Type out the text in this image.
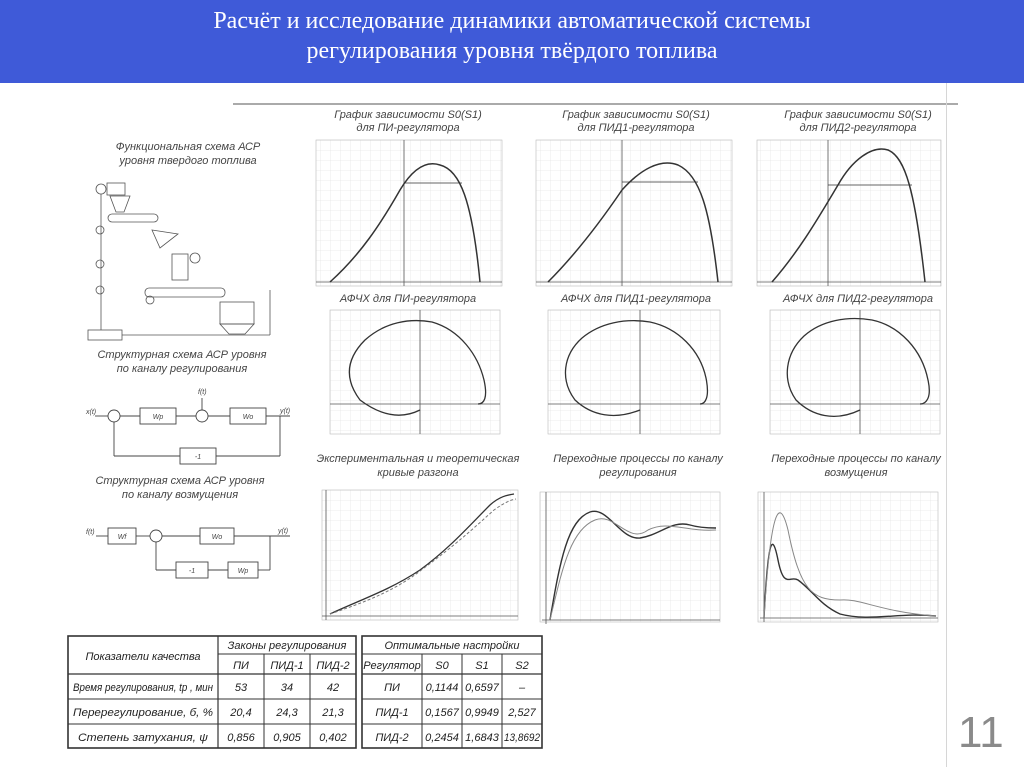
Расчёт и исследование динамики автоматической системы
регулирования уровня твёрдого топлива
Функциональная схема АСР
уровня твердого топлива
Структурная схема АСР уровня
по каналу регулирования
x(t)
f(t)
y(t)
Wр	Wо
-1
Структурная схема АСР уровня
по каналу возмущения
f(t)	y(t)
Wf	Wo
Wр
-1
График зависимости S0(S1)
для ПИ-регулятора
График зависимости S0(S1)
для ПИД1-регулятора
График зависимости S0(S1)
для ПИД2-регулятора
АФЧХ для ПИ-регулятора	АФЧХ для ПИД1-регулятора	АФЧХ для ПИД2-регулятора
Экспериментальная и теоретическая
кривые разгона
Переходные процессы по каналу
регулирования
Переходные процессы по каналу
возмущения
Показатели качества
Законы регулирования
ПИ ПИД-1 ПИД-2
Время регулирования, tр , мин 53	34	42
Перерегулирование, б, % 20,4 24,3 21,3
Степень затухания, ψ 0,856 0,905 0,402
Оптимальные настройки
Регулятор S0 S1 S2
ПИ 0,1144 0,6597 –
ПИД-1 0,1567 0,9949 2,527
ПИД-2 0,2454 1,6843 13,8692	11
